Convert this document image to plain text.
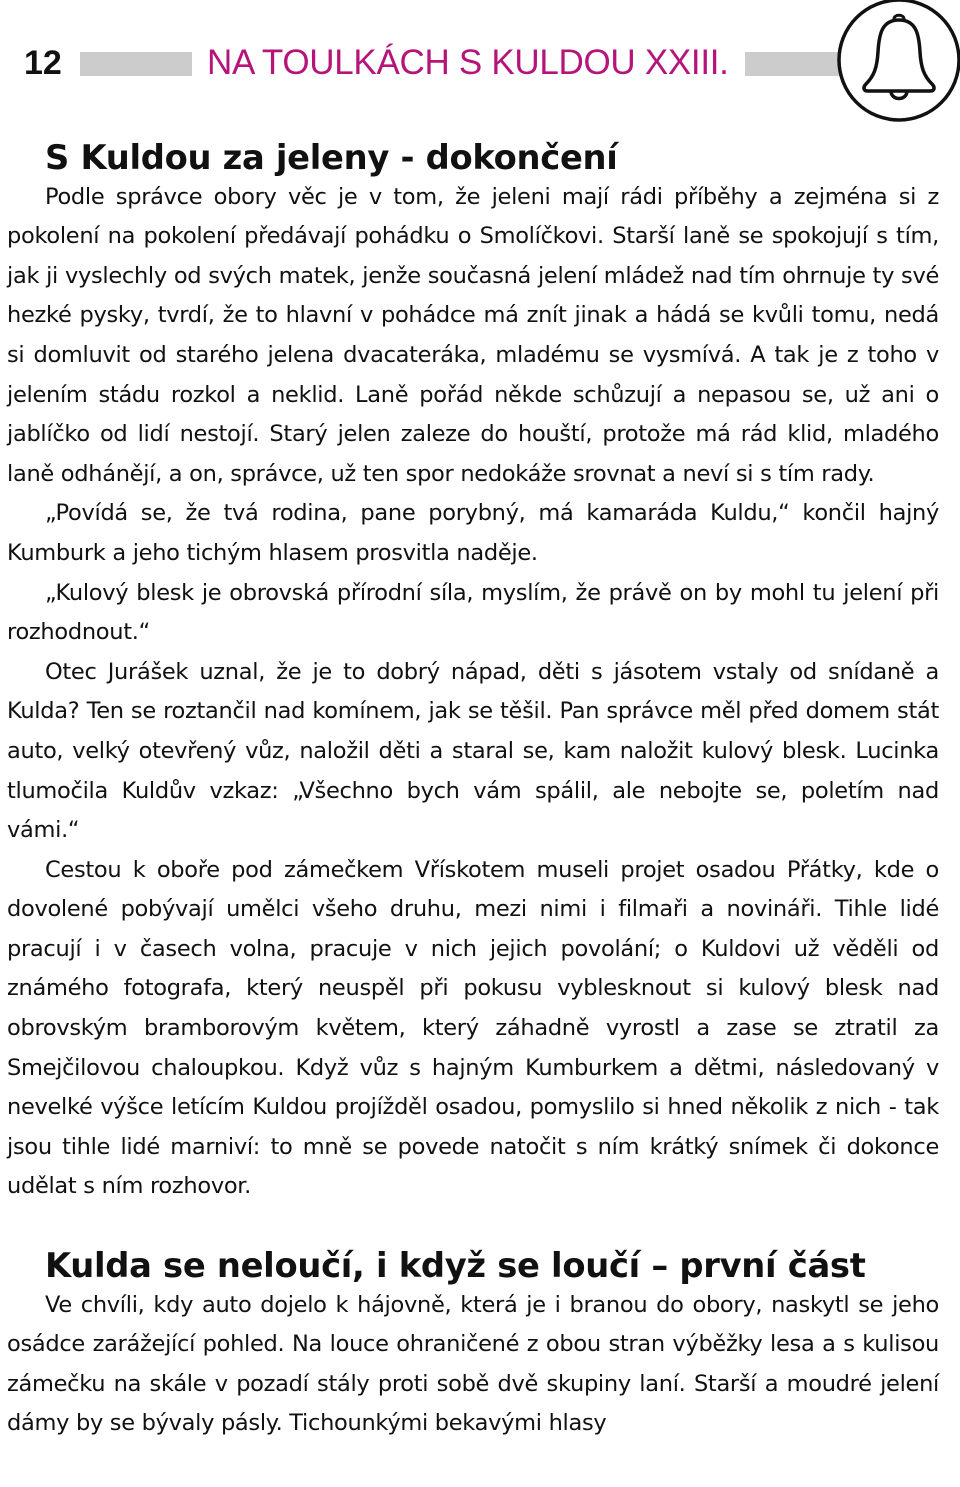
12	NA TOULKÁCH S KULDOU XXIII.
S Kuldou za jeleny - dokončení

Podle správce obory věc je v tom, že jeleni mají rádi příběhy a zejména si z pokolení na pokolení předávají pohádku o Smolíčkovi. Starší laně se spokojují s tím, jak ji vyslechly od svých matek, jenže současná jelení mládež nad tím ohrnuje ty své hezké pysky, tvrdí, že to hlavní v pohádce má znít jinak a hádá se kvůli tomu, nedá si domluvit od starého jelena dvacateráka, mladému se vysmívá. A tak je z toho v jelením stádu rozkol a neklid. Laně pořád někde schůzují a nepasou se, už ani o jablíčko od lidí nestojí. Starý jelen zaleze do houští, protože má rád klid, mladého laně odhánějí, a on, správce, už ten spor nedokáže srovnat a neví si s tím rady.

„Povídá se, že tvá rodina, pane porybný, má kamaráda Kuldu,“ končil hajný Kumburk a jeho tichým hlasem prosvitla naděje.

„Kulový blesk je obrovská přírodní síla, myslím, že právě on by mohl tu jelení při rozhodnout.“

Otec Jurášek uznal, že je to dobrý nápad, děti s jásotem vstaly od snídaně a Kulda? Ten se roztančil nad komínem, jak se těšil. Pan správce měl před domem stát auto, velký otevřený vůz, naložil děti a staral se, kam naložit kulový blesk. Lucinka tlumočila Kuldův vzkaz: „Všechno bych vám spálil, ale nebojte se, poletím nad vámi.“

Cestou k oboře pod zámečkem Vřískotem museli projet osadou Přátky, kde o dovolené pobývají umělci všeho druhu, mezi nimi i filmaři a novináři. Tihle lidé pracují i v časech volna, pracuje v nich jejich povolání; o Kuldovi už věděli od známého fotografa, který neuspěl při pokusu vyblesknout si kulový blesk nad obrovským bramborovým květem, který záhadně vyrostl a zase se ztratil za Smejčilovou chaloupkou. Když vůz s hajným Kumburkem a dětmi, následovaný v nevelké výšce letícím Kuldou projížděl osadou, pomyslilo si hned několik z nich - tak jsou tihle lidé marniví: to mně se povede natočit s ním krátký snímek či dokonce udělat s ním rozhovor.

Kulda se neloučí, i když se loučí – první část

Ve chvíli, kdy auto dojelo k hájovně, která je i branou do obory, naskytl se jeho osádce zarážející pohled. Na louce ohraničené z obou stran výběžky lesa a s kulisou zámečku na skále v pozadí stály proti sobě dvě skupiny laní. Starší a moudré jelení dámy by se bývaly pásly. Tichounkými bekavými hlasy
